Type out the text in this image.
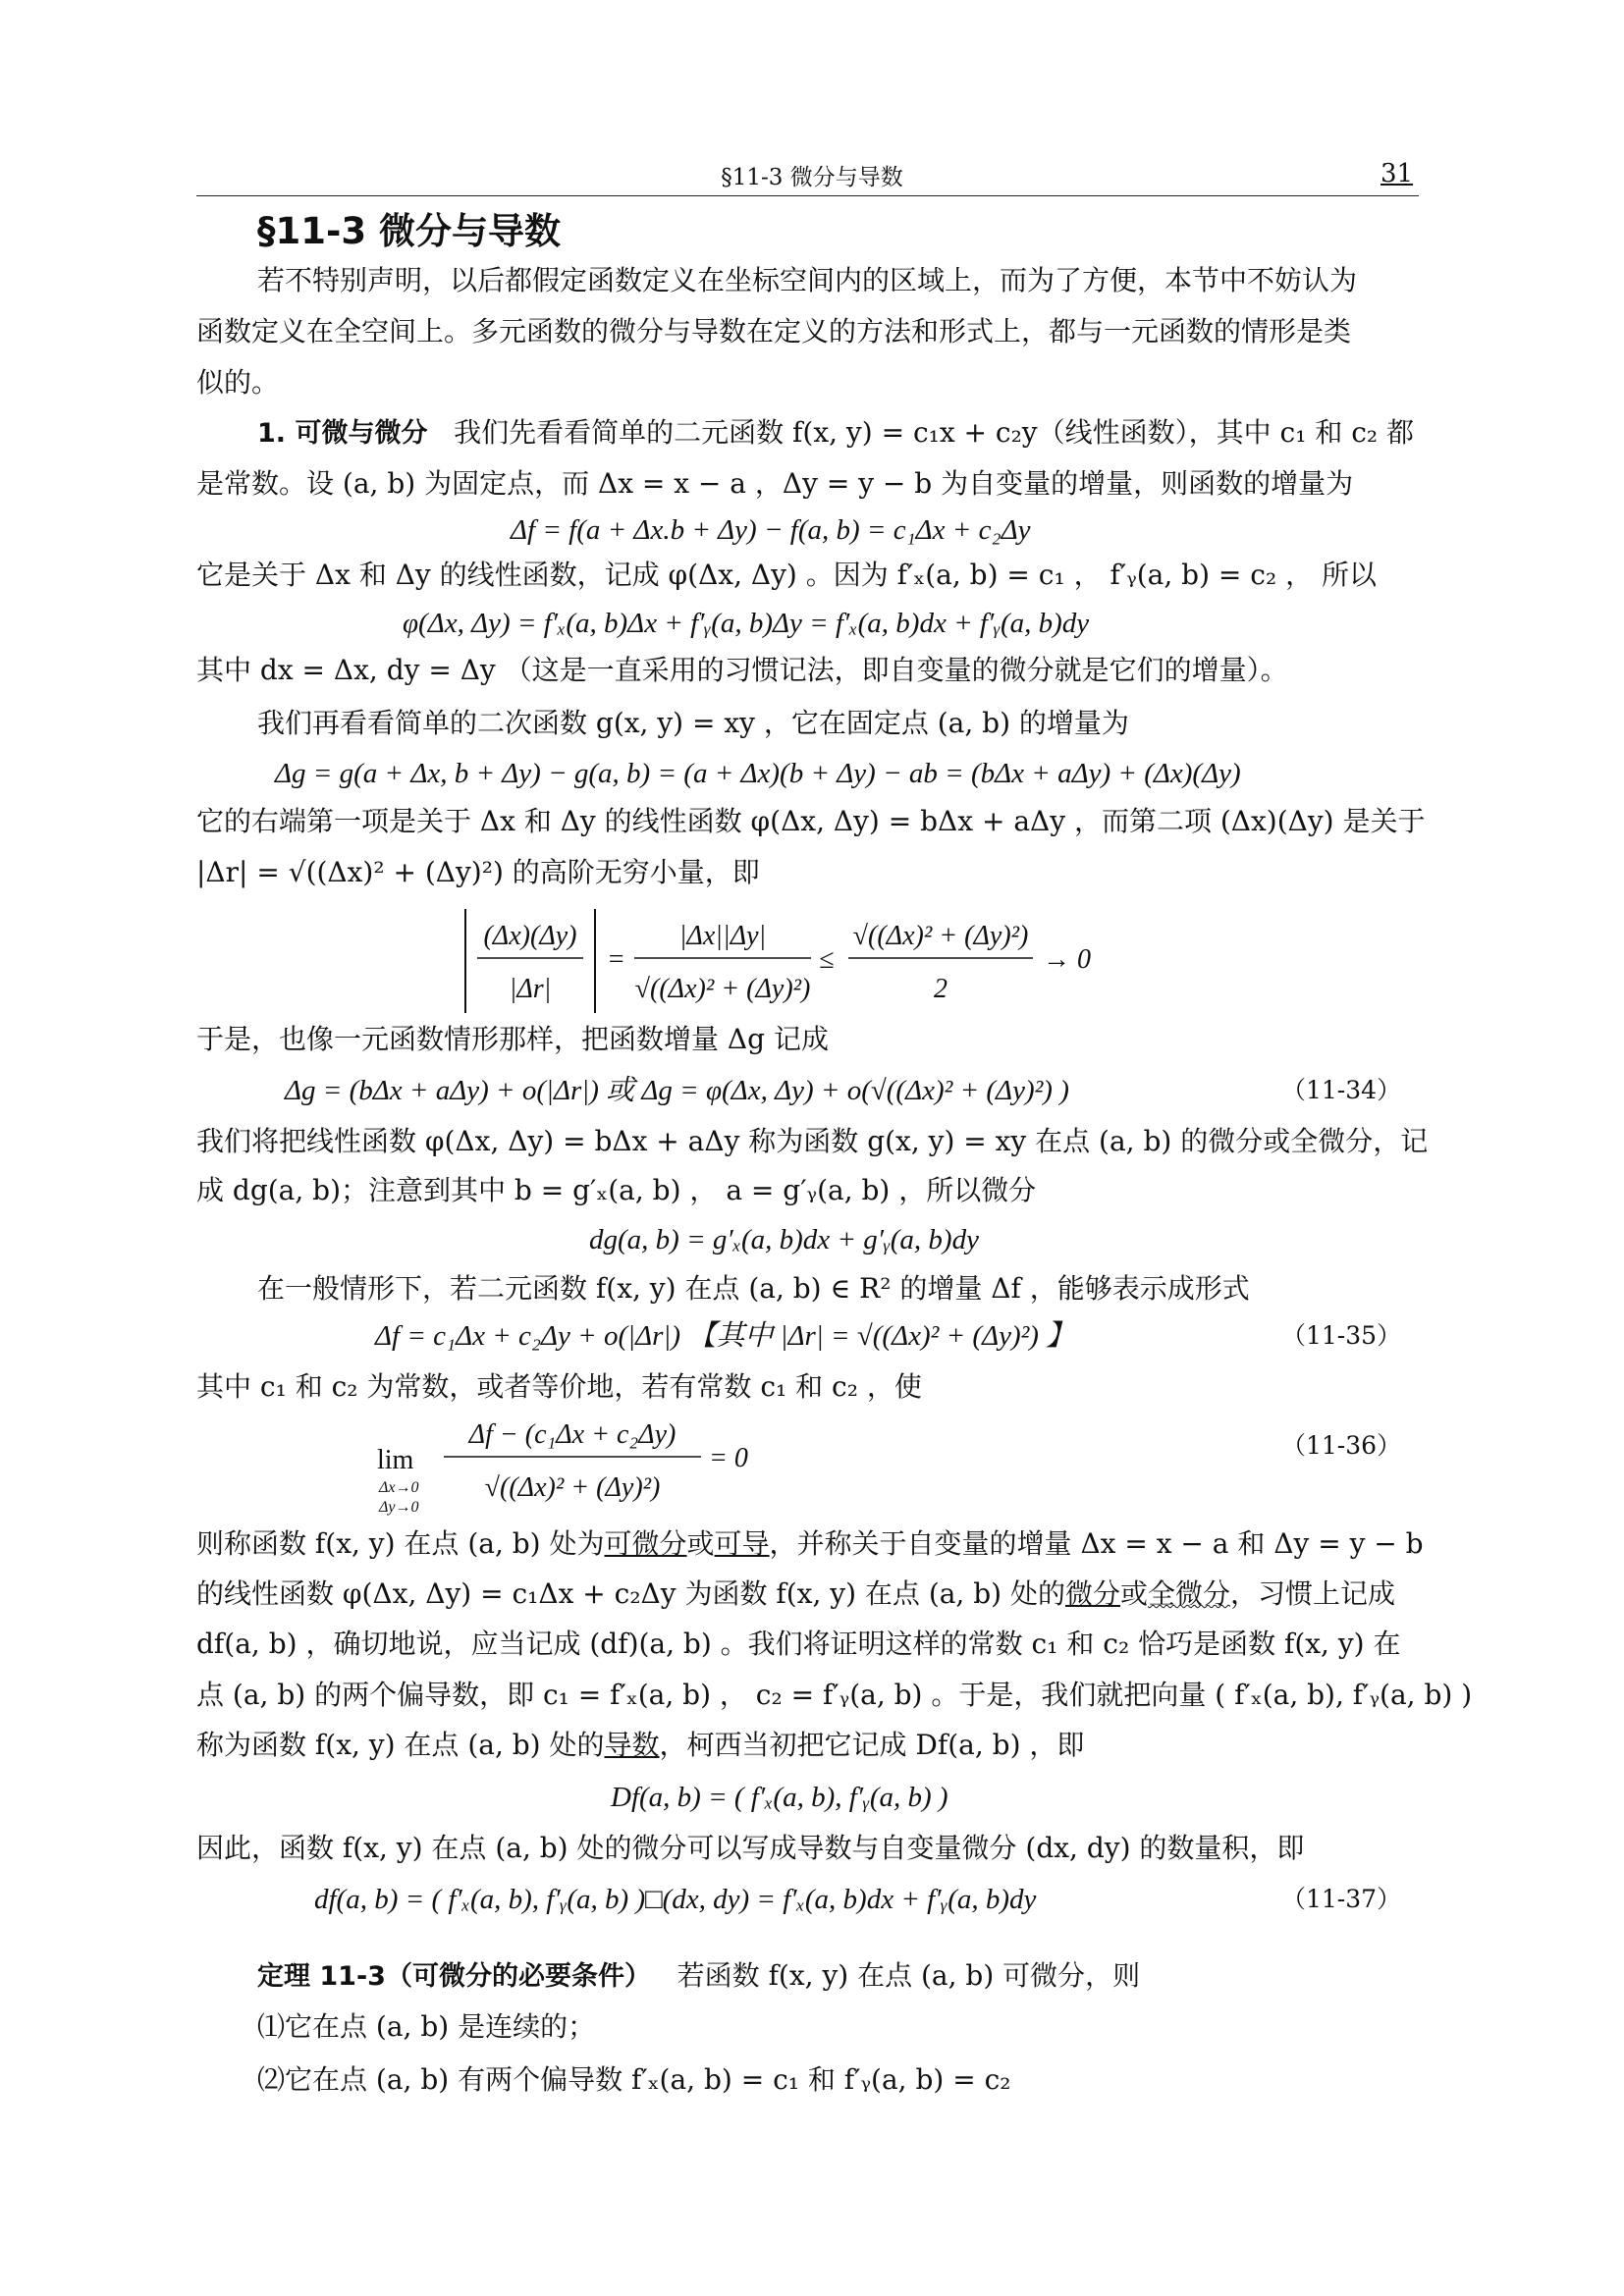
§11-3 微分与导数	31
§11-3 微分与导数
若不特别声明，以后都假定函数定义在坐标空间内的区域上，而为了方便，本节中不妨认为
函数定义在全空间上。多元函数的微分与导数在定义的方法和形式上，都与一元函数的情形是类
似的。
1. 可微与微分 我们先看看简单的二元函数 f(x, y) = c₁x + c₂y（线性函数），其中 c₁ 和 c₂ 都
是常数。设 (a, b) 为固定点，而 Δx = x − a ，Δy = y − b 为自变量的增量，则函数的增量为
Δf = f(a + Δx.b + Δy) − f(a, b) = c₁Δx + c₂Δy
它是关于 Δx 和 Δy 的线性函数，记成 φ(Δx, Δy) 。因为 f′ₓ(a, b) = c₁ ， f′ᵧ(a, b) = c₂ ， 所以
φ(Δx, Δy) = f′ₓ(a, b)Δx + f′ᵧ(a, b)Δy = f′ₓ(a, b)dx + f′ᵧ(a, b)dy
其中 dx = Δx, dy = Δy （这是一直采用的习惯记法，即自变量的微分就是它们的增量）。
我们再看看简单的二次函数 g(x, y) = xy ，它在固定点 (a, b) 的增量为
Δg = g(a + Δx, b + Δy) − g(a, b) = (a + Δx)(b + Δy) − ab = (bΔx + aΔy) + (Δx)(Δy)
它的右端第一项是关于 Δx 和 Δy 的线性函数 φ(Δx, Δy) = bΔx + aΔy ，而第二项 (Δx)(Δy) 是关于
|Δr| = √((Δx)² + (Δy)²) 的高阶无穷小量，即
(Δx)(Δy)
|Δr|
=
|Δx||Δy|
√((Δx)² + (Δy)²)
≤
√((Δx)² + (Δy)²)
2
→ 0
于是，也像一元函数情形那样，把函数增量 Δg 记成
Δg = (bΔx + aΔy) + o(|Δr|) 或 Δg = φ(Δx, Δy) + o(√((Δx)² + (Δy)²) )	（11-34）
我们将把线性函数 φ(Δx, Δy) = bΔx + aΔy 称为函数 g(x, y) = xy 在点 (a, b) 的微分或全微分，记
成 dg(a, b)；注意到其中 b = g′ₓ(a, b) ， a = g′ᵧ(a, b) ，所以微分
dg(a, b) = g′ₓ(a, b)dx + g′ᵧ(a, b)dy
在一般情形下，若二元函数 f(x, y) 在点 (a, b) ∈ R² 的增量 Δf ，能够表示成形式
Δf = c₁Δx + c₂Δy + o(|Δr|) 【其中 |Δr| = √((Δx)² + (Δy)²) 】	（11-35）
其中 c₁ 和 c₂ 为常数，或者等价地，若有常数 c₁ 和 c₂ ，使
lim
Δx→0
Δy→0
Δf − (c₁Δx + c₂Δy)
√((Δx)² + (Δy)²)
= 0	（11-36）
则称函数 f(x, y) 在点 (a, b) 处为可微分或可导，并称关于自变量的增量 Δx = x − a 和 Δy = y − b
的线性函数 φ(Δx, Δy) = c₁Δx + c₂Δy 为函数 f(x, y) 在点 (a, b) 处的微分或全微分，习惯上记成
df(a, b) ，确切地说，应当记成 (df)(a, b) 。我们将证明这样的常数 c₁ 和 c₂ 恰巧是函数 f(x, y) 在
点 (a, b) 的两个偏导数，即 c₁ = f′ₓ(a, b) ， c₂ = f′ᵧ(a, b) 。于是，我们就把向量 ( f′ₓ(a, b), f′ᵧ(a, b) )
称为函数 f(x, y) 在点 (a, b) 处的导数，柯西当初把它记成 Df(a, b) ，即
Df(a, b) = ( f′ₓ(a, b), f′ᵧ(a, b) )
因此，函数 f(x, y) 在点 (a, b) 处的微分可以写成导数与自变量微分 (dx, dy) 的数量积，即
df(a, b) = ( f′ₓ(a, b), f′ᵧ(a, b) )□(dx, dy) = f′ₓ(a, b)dx + f′ᵧ(a, b)dy	（11-37）
定理 11-3（可微分的必要条件） 若函数 f(x, y) 在点 (a, b) 可微分，则
⑴它在点 (a, b) 是连续的；
⑵它在点 (a, b) 有两个偏导数 f′ₓ(a, b) = c₁ 和 f′ᵧ(a, b) = c₂
